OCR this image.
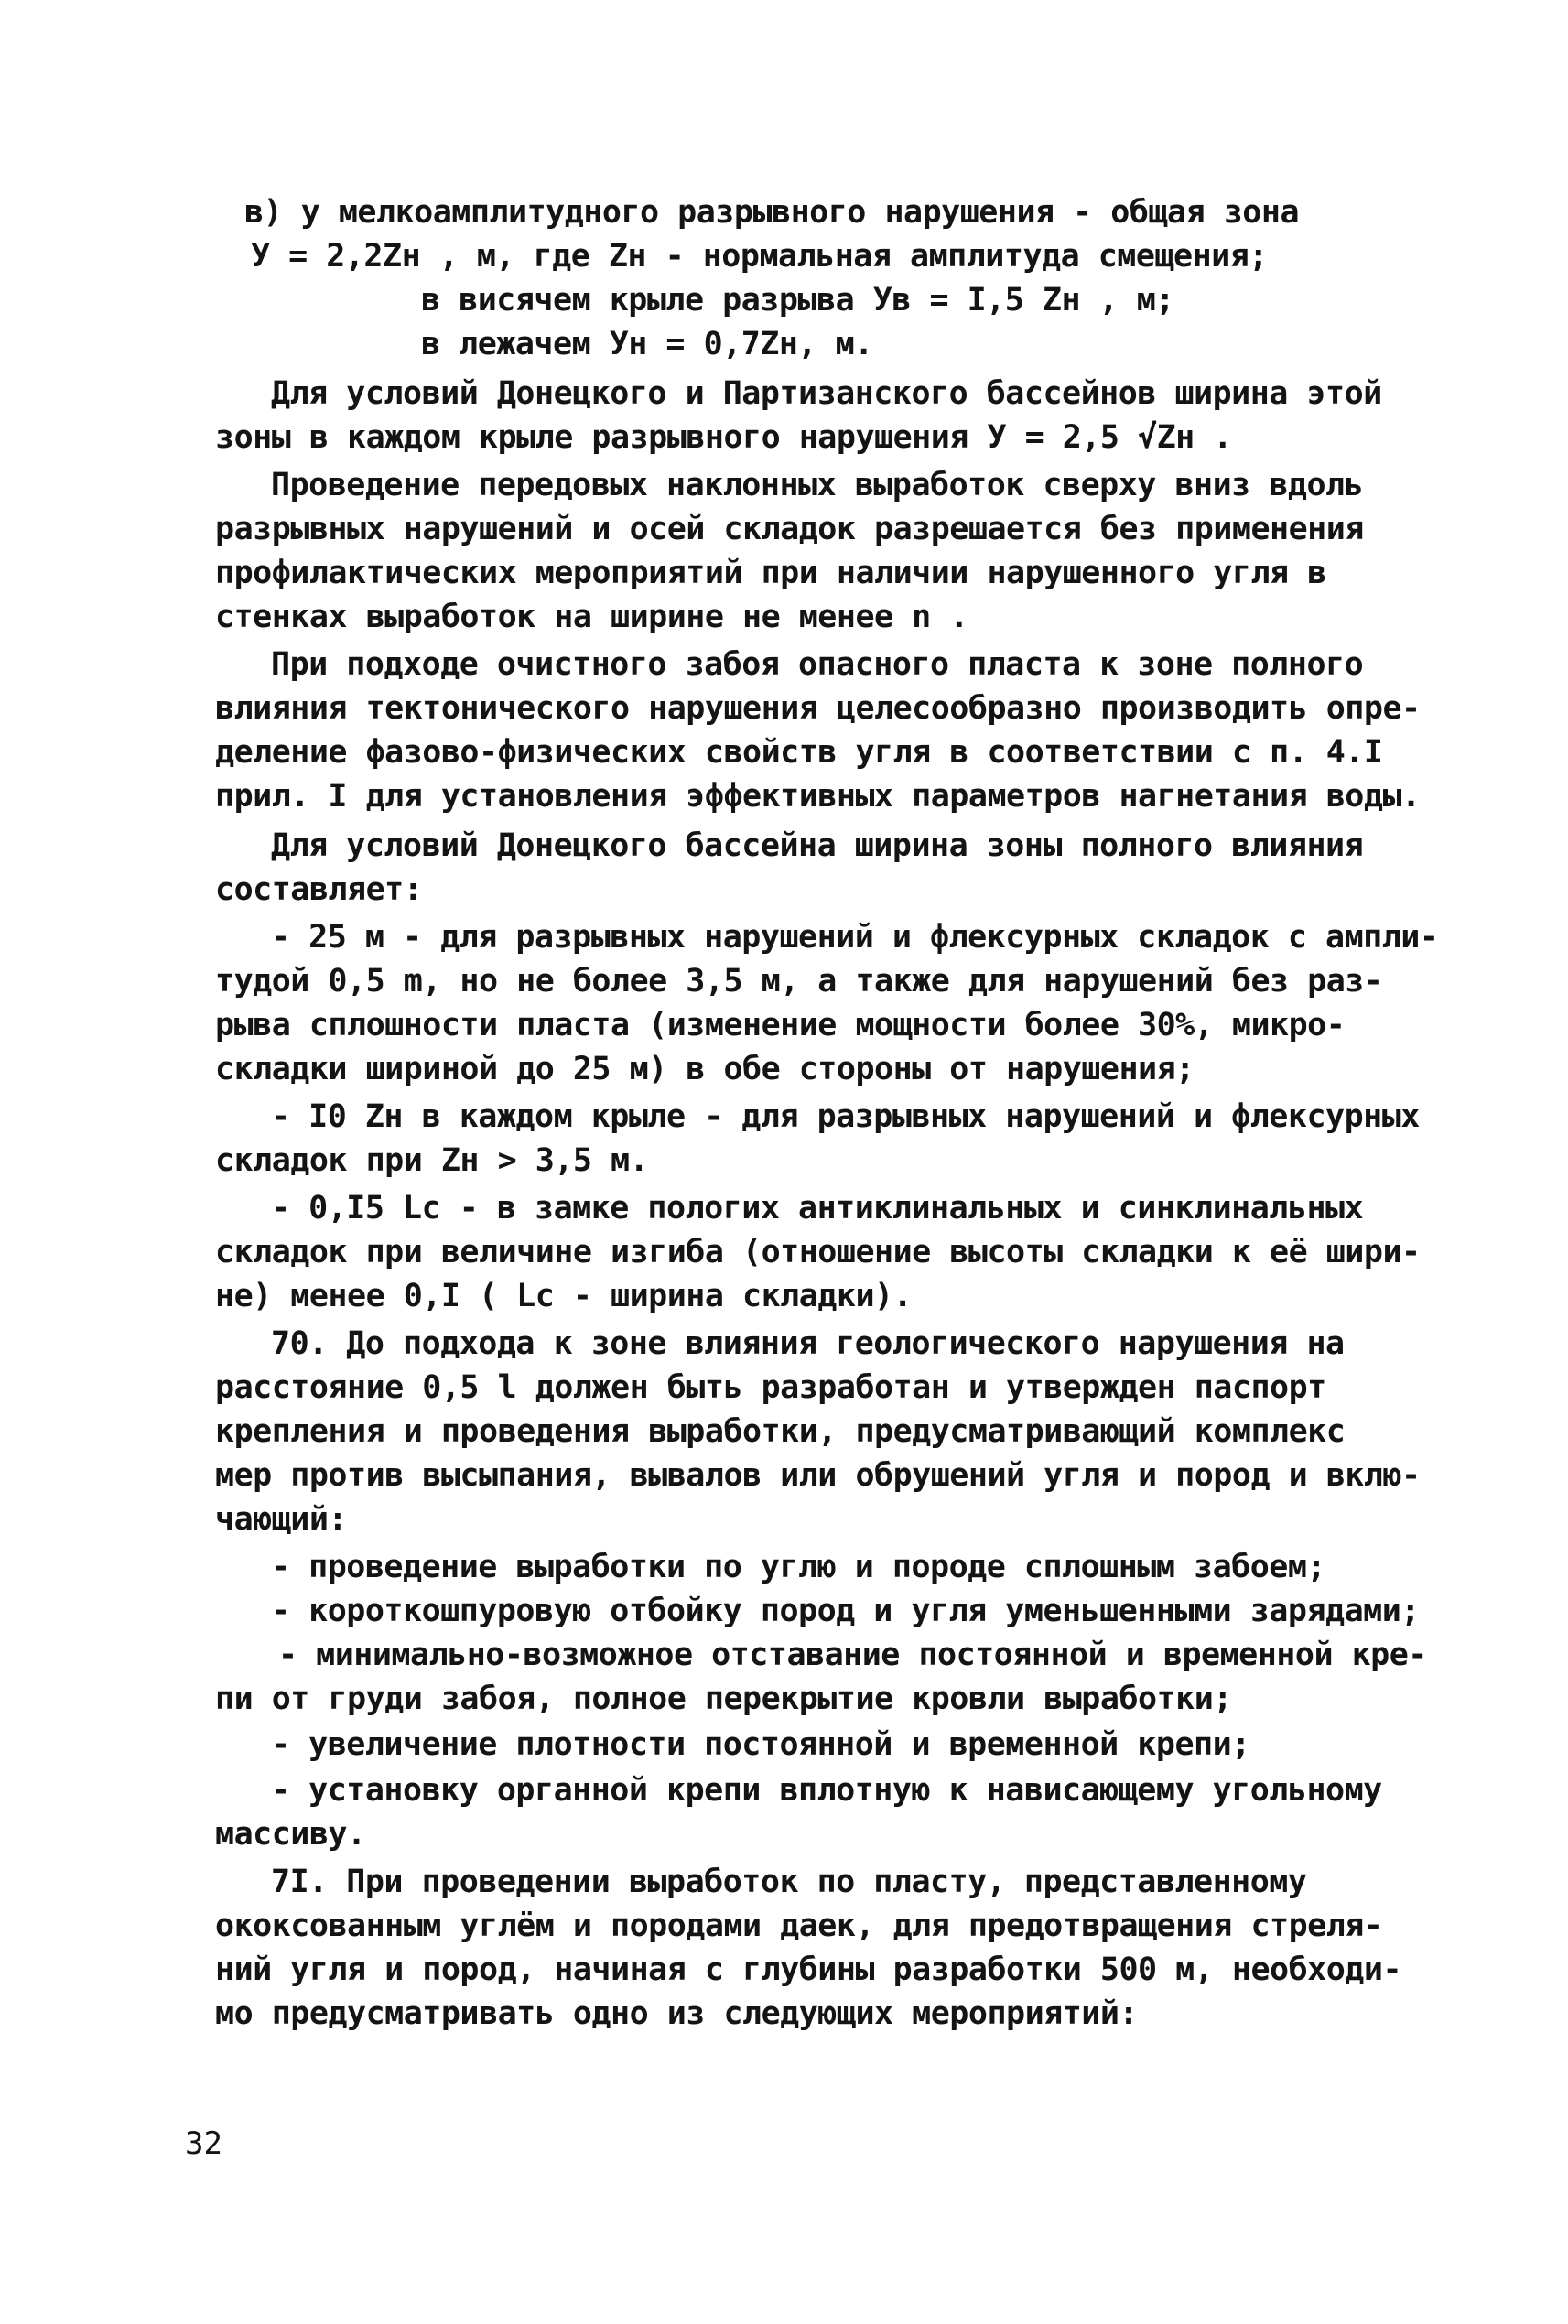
в) у мелкоамплитудного разрывного нарушения - общая зона
У = 2,2Zн , м, где Zн - нормальная амплитуда смещения;
в висячем крыле разрыва Ув = I,5 Zн , м;
в лежачем Ун = 0,7Zн, м.
Для условий Донецкого и Партизанского бассейнов ширина этой
зоны в каждом крыле разрывного нарушения У = 2,5 √Zн .
Проведение передовых наклонных выработок сверху вниз вдоль
разрывных нарушений и осей складок разрешается без применения
профилактических мероприятий при наличии нарушенного угля в
стенках выработок на ширине не менее n .
При подходе очистного забоя опасного пласта к зоне полного
влияния тектонического нарушения целесообразно производить опре-
деление фазово-физических свойств угля в соответствии с п. 4.I
прил. I для установления эффективных параметров нагнетания воды.
Для условий Донецкого бассейна ширина зоны полного влияния
составляет:
- 25 м - для разрывных нарушений и флексурных складок с ампли-
тудой 0,5 m, но не более 3,5 м, а также для нарушений без раз-
рыва сплошности пласта (изменение мощности более 30%, микро-
складки шириной до 25 м) в обе стороны от нарушения;
- I0 Zн в каждом крыле - для разрывных нарушений и флексурных
складок при Zн > 3,5 м.
- 0,I5 Lс - в замке пологих антиклинальных и синклинальных
складок при величине изгиба (отношение высоты складки к её шири-
не) менее 0,I ( Lс - ширина складки).
70. До подхода к зоне влияния геологического нарушения на
расстояние 0,5 l должен быть разработан и утвержден паспорт
крепления и проведения выработки, предусматривающий комплекс
мер против высыпания, вывалов или обрушений угля и пород и вклю-
чающий:
- проведение выработки по углю и породе сплошным забоем;
- короткошпуровую отбойку пород и угля уменьшенными зарядами;
- минимально-возможное отставание постоянной и временной кре-
пи от груди забоя, полное перекрытие кровли выработки;
- увеличение плотности постоянной и временной крепи;
- установку органной крепи вплотную к нависающему угольному
массиву.
7I. При проведении выработок по пласту, представленному
ококсованным углём и породами даек, для предотвращения стреля-
ний угля и пород, начиная с глубины разработки 500 м, необходи-
мо предусматривать одно из следующих мероприятий:
32
